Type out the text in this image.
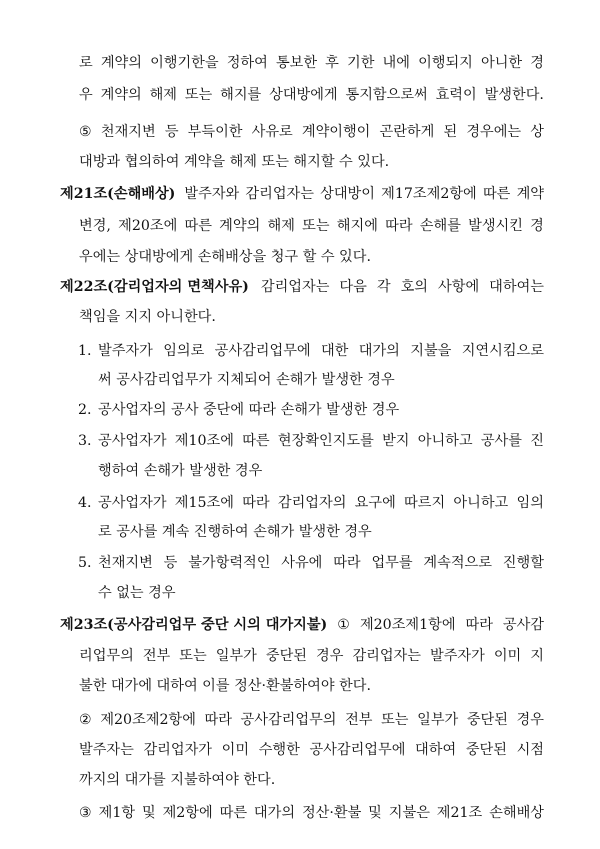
로 계약의 이행기한을 정하여 통보한 후 기한 내에 이행되지 아니한 경
우 계약의 해제 또는 해지를 상대방에게 통지함으로써 효력이 발생한다.
⑤ 천재지변 등 부득이한 사유로 계약이행이 곤란하게 된 경우에는 상
대방과 협의하여 계약을 해제 또는 해지할 수 있다.
제21조(손해배상) 발주자와 감리업자는 상대방이 제17조제2항에 따른 계약
변경, 제20조에 따른 계약의 해제 또는 해지에 따라 손해를 발생시킨 경
우에는 상대방에게 손해배상을 청구 할 수 있다.
제22조(감리업자의 면책사유) 감리업자는 다음 각 호의 사항에 대하여는
책임을 지지 아니한다.
1. 발주자가 임의로 공사감리업무에 대한 대가의 지불을 지연시킴으로
써 공사감리업무가 지체되어 손해가 발생한 경우
2. 공사업자의 공사 중단에 따라 손해가 발생한 경우
3. 공사업자가 제10조에 따른 현장확인지도를 받지 아니하고 공사를 진
행하여 손해가 발생한 경우
4. 공사업자가 제15조에 따라 감리업자의 요구에 따르지 아니하고 임의
로 공사를 계속 진행하여 손해가 발생한 경우
5. 천재지변 등 불가항력적인 사유에 따라 업무를 계속적으로 진행할
수 없는 경우
제23조(공사감리업무 중단 시의 대가지불) ① 제20조제1항에 따라 공사감
리업무의 전부 또는 일부가 중단된 경우 감리업자는 발주자가 이미 지
불한 대가에 대하여 이를 정산·환불하여야 한다.
② 제20조제2항에 따라 공사감리업무의 전부 또는 일부가 중단된 경우
발주자는 감리업자가 이미 수행한 공사감리업무에 대하여 중단된 시점
까지의 대가를 지불하여야 한다.
③ 제1항 및 제2항에 따른 대가의 정산·환불 및 지불은 제21조 손해배상
